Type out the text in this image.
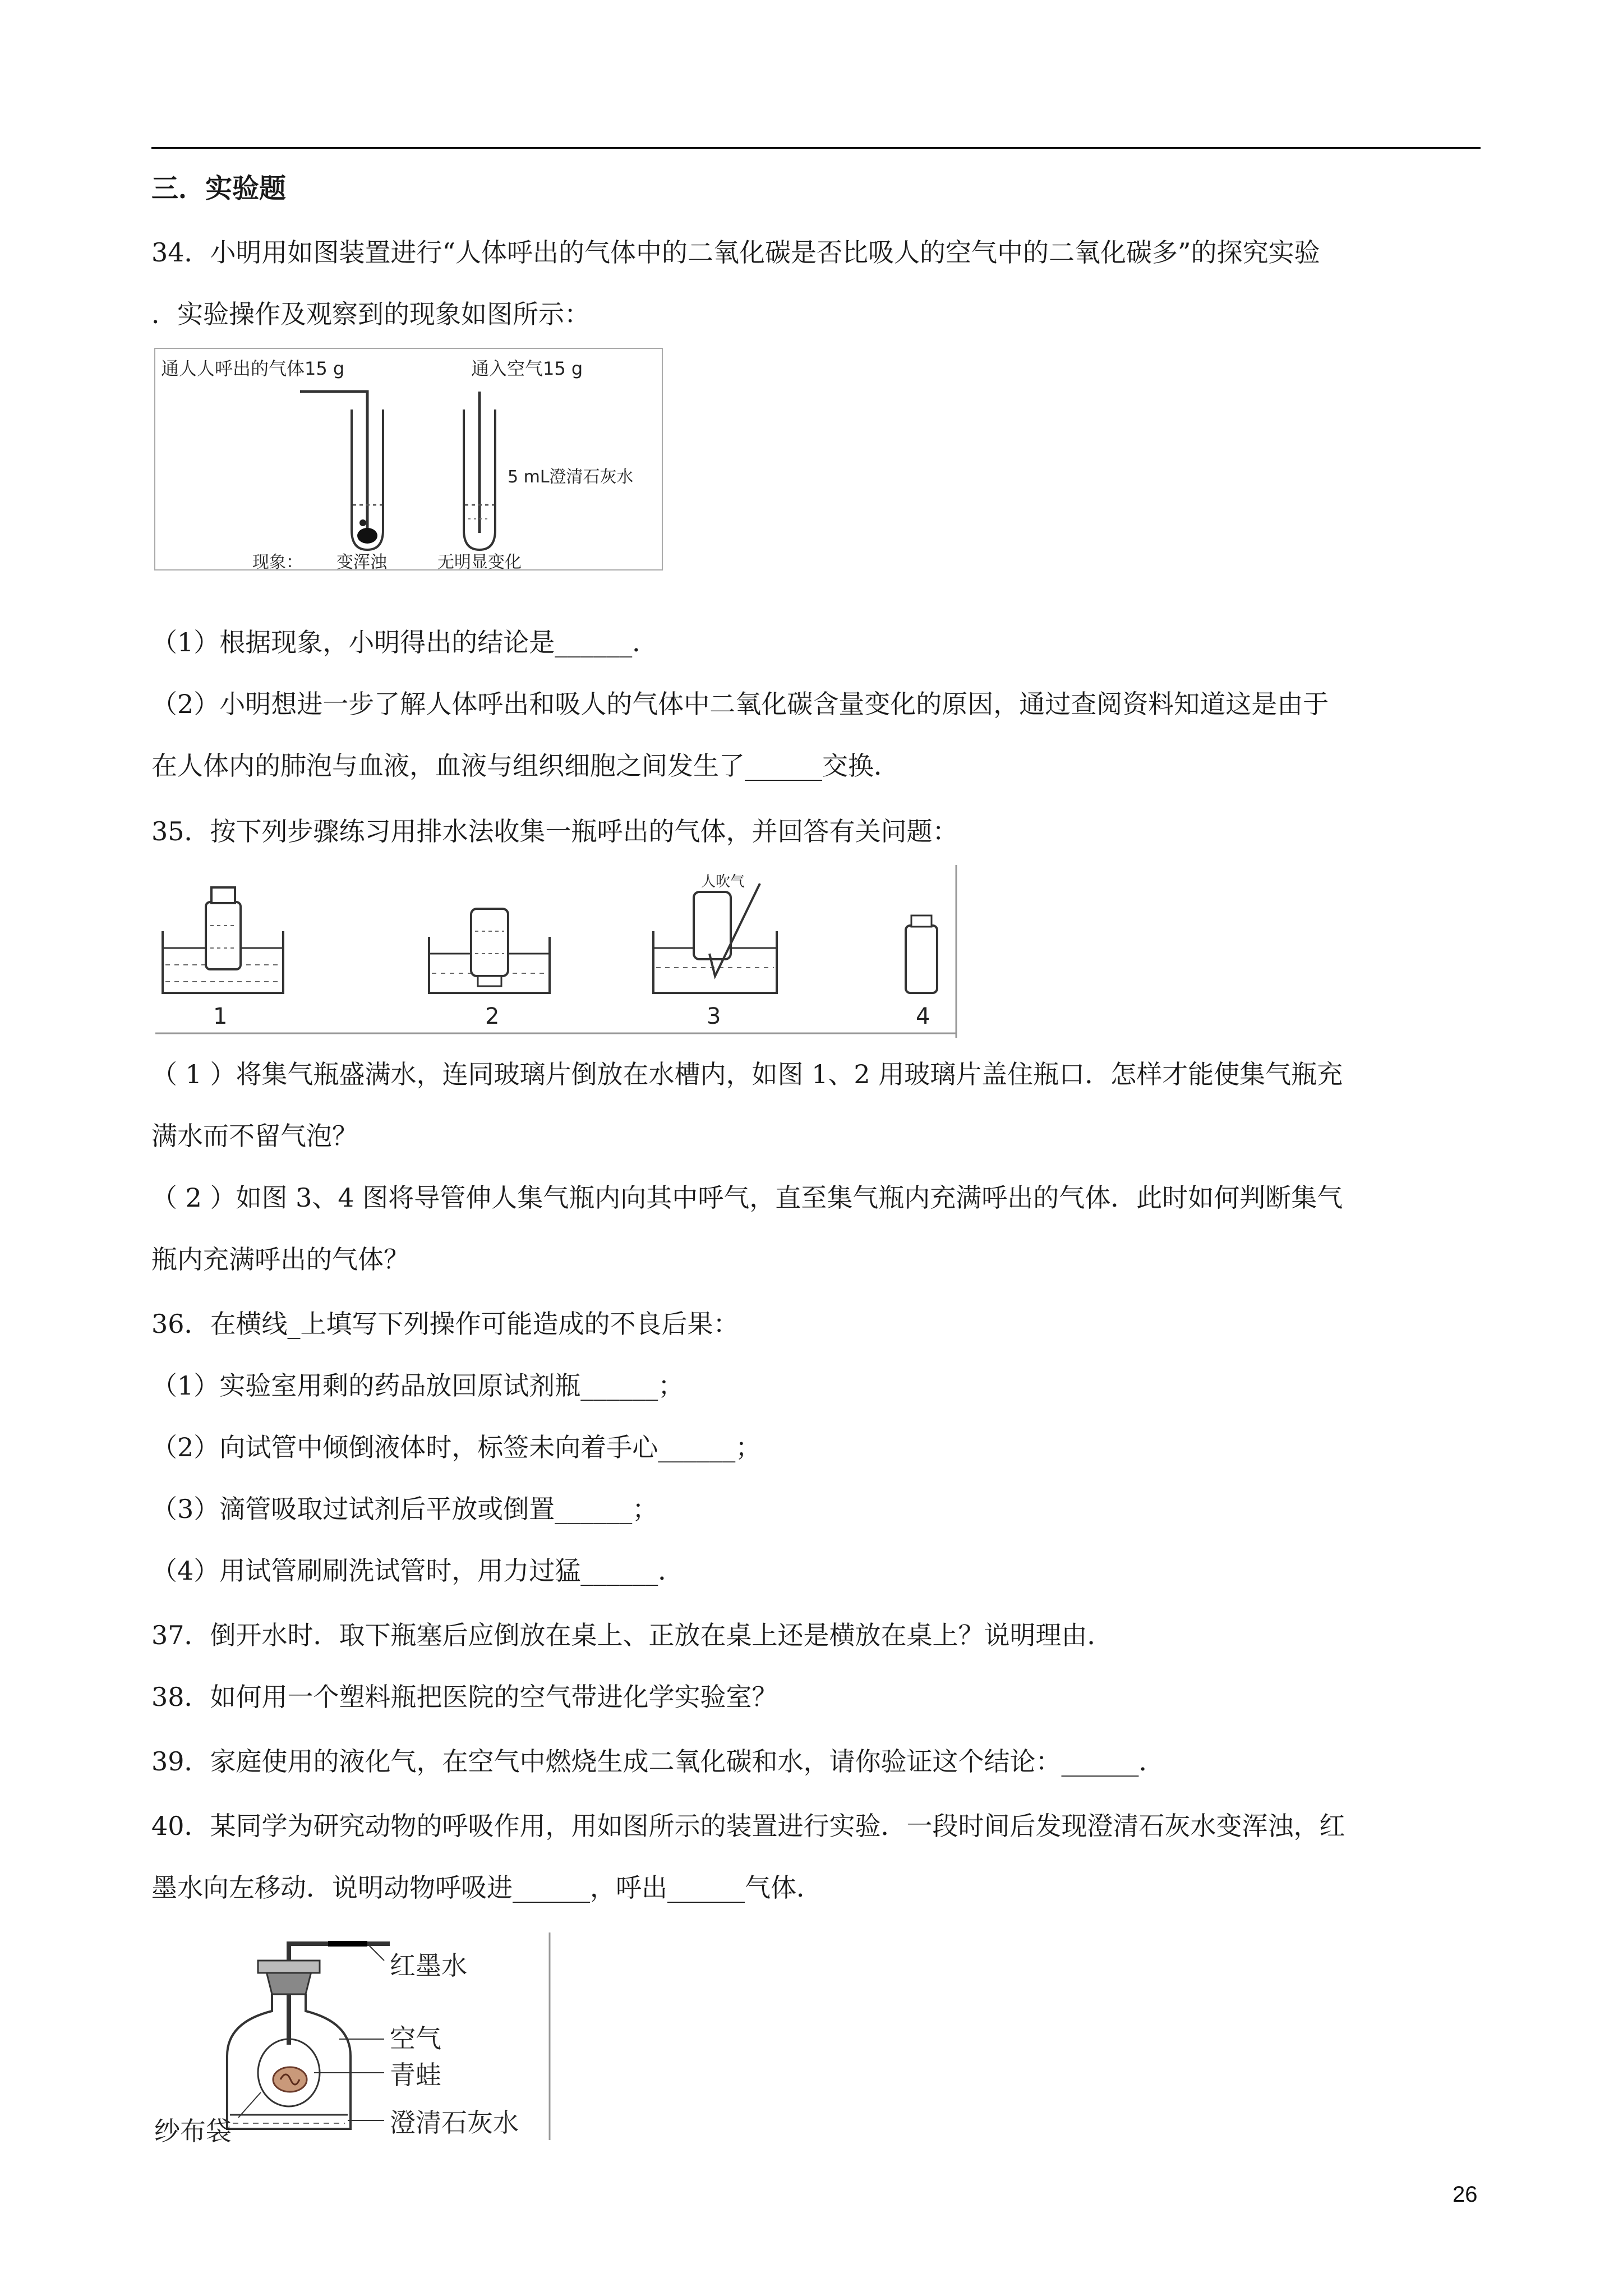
三．实验题
34．小明用如图装置进行“人体呼出的气体中的二氧化碳是否比吸人的空气中的二氧化碳多”的探究实验
．实验操作及观察到的现象如图所示：
通人人呼出的气体15 g	通入空气15 g
5 mL澄清石灰水
现象： 变浑浊	无明显变化
（1）根据现象，小明得出的结论是______．
（2）小明想进一步了解人体呼出和吸人的气体中二氧化碳含量变化的原因，通过查阅资料知道这是由于
在人体内的肺泡与血液，血液与组织细胞之间发生了______交换．
35．按下列步骤练习用排水法收集一瓶呼出的气体，并回答有关问题：
1	2
人吹气
3	4
（ 1 ）将集气瓶盛满水，连同玻璃片倒放在水槽内，如图 1、2 用玻璃片盖住瓶口．怎样才能使集气瓶充
满水而不留气泡？
（ 2 ）如图 3、4 图将导管伸人集气瓶内向其中呼气，直至集气瓶内充满呼出的气体．此时如何判断集气
瓶内充满呼出的气体？
36．在横线_上填写下列操作可能造成的不良后果：
（1）实验室用剩的药品放回原试剂瓶______；
（2）向试管中倾倒液体时，标签未向着手心______；
（3）滴管吸取过试剂后平放或倒置______；
（4）用试管刷刷洗试管时，用力过猛______．
37．倒开水时．取下瓶塞后应倒放在桌上、正放在桌上还是横放在桌上？说明理由．
38．如何用一个塑料瓶把医院的空气带进化学实验室？
39．家庭使用的液化气，在空气中燃烧生成二氧化碳和水，请你验证这个结论：______．
40．某同学为研究动物的呼吸作用，用如图所示的装置进行实验．一段时间后发现澄清石灰水变浑浊，红
墨水向左移动．说明动物呼吸进______，呼出______气体．
红墨水
空气
青蛙
纱布袋	澄清石灰水
26
